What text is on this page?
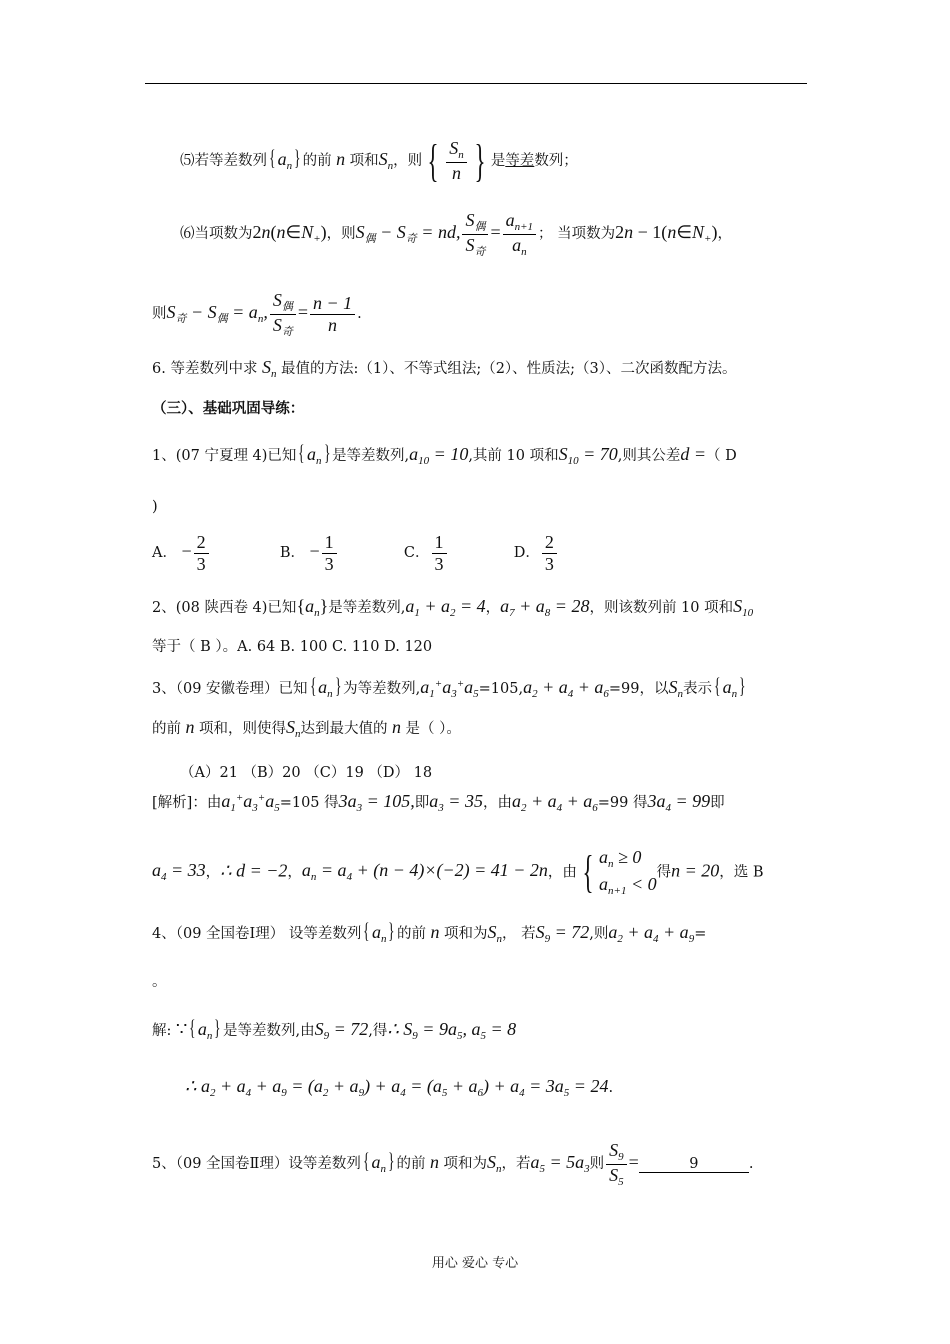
⑸若等差数列{ $a_n$} 的前 n 项和$S_n$，则 { $\frac{S_n}{n}$ } 是等差数列；
⑹当项数为$2n(n\in N_+)$，则$S_偶 - S_奇$ = nd, $\frac{S_偶}{S_奇} = \frac{a_{n+1}}{a_n}$ ； 当项数为$2n - 1(n\in N_+)$，
则$S_奇 - S_偶 = a_n$, $\frac{S_偶}{S_奇} = \frac{n - 1}{n}$ .
6. 等差数列中求 $S_n$ 最值的方法:（1）、不等式组法;（2）、性质法;（3）、二次函数配方法。
（三）、基础巩固导练：
1、(07 宁夏理 4)已知{ $a_n$} 是等差数列$,a_{10} = 10$,其前 10 项和$S_{10} = 70$,则其公差d =（ D
)
A． − $\frac{2}{3}$	B． − $\frac{1}{3}$	C． $\frac{1}{3}$	D． $\frac{2}{3}$
2、(08 陕西卷 4)已知$\{a_n\}$是等差数列$,a_1 + a_2 = 4$，$a_7 + a_8 = 28$，则该数列前 10 项和$S_{10}$
等于（ B ）。A. 64 B. 100 C. 110 D. 120
3、（09 安徽卷理）已知{ $a_n$} 为等差数列$,a_1^+a_3^+a_5=105,a_2 + a_4 + a_6=99$，以$S_n$表示{ $a_n$}
的前 n 项和，则使得$S_n$达到最大值的 n 是（ ）。
（A）21 （B）20 （C）19 （D） 18
[解析]：由$a_1^+a_3^+a_5=105$ 得$3a_3 = 105$,即$a_3 = 35$，由$a_2 + a_4 + a_6=99$ 得$3a_4 = 99$即
$a_4 = 33$，∴ d = −2，$a_n = a_4 + (n - 4)\times(-2) = 41 - 2n$，由 { $a_n \ge 0$
$a_{n+1} < 0$得n = 20，选 B
4、（09 全国卷Ⅰ理） 设等差数列{ $a_n$} 的前 n 项和为$S_n$， 若$S_9 = 72$,则$a_2 + a_4 + a_9=$
。
解: ∵{ $a_n$} 是等差数列,由$S_9 = 72$,得∴ $S_9 = 9a_5$, $a_5 = 8$
∴ $a_2 + a_4 + a_9 = (a_2 + a_9) + a_4 = (a_5 + a_6) + a_4 = 3a_5 = 24$.
5、（09 全国卷Ⅱ理）设等差数列{ $a_n$} 的前 n 项和为$S_n$，若$a_5 = 5a_3$则 $\frac{S_9}{S_5}$ =	9	.
用心 爱心 专心
